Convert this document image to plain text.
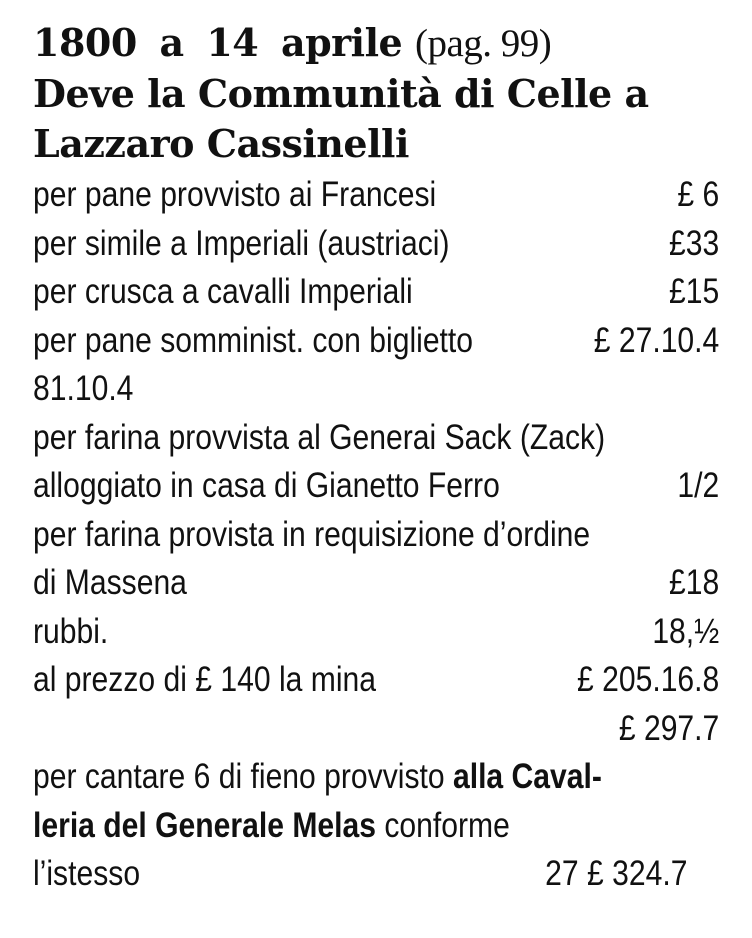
1800 a 14 aprile (pag. 99)
Deve la Communità di Celle a
Lazzaro Cassinelli
per pane provvisto ai Francesi	£ 6
per simile a Imperiali (austriaci)	£33
per crusca a cavalli Imperiali	£15
per pane somminist. con biglietto	£ 27.10.4
81.10.4
per farina provvista al Generai Sack (Zack)
alloggiato in casa di Gianetto Ferro	1/2
per farina provista in requisizione d’ordine
di Massena	£18
rubbi.	18,½
al prezzo di £ 140 la mina	£ 205.16.8
£ 297.7
per cantare 6 di fieno provvisto alla Caval-
leria del Generale Melas conforme
l’istesso	27 £ 324.7
